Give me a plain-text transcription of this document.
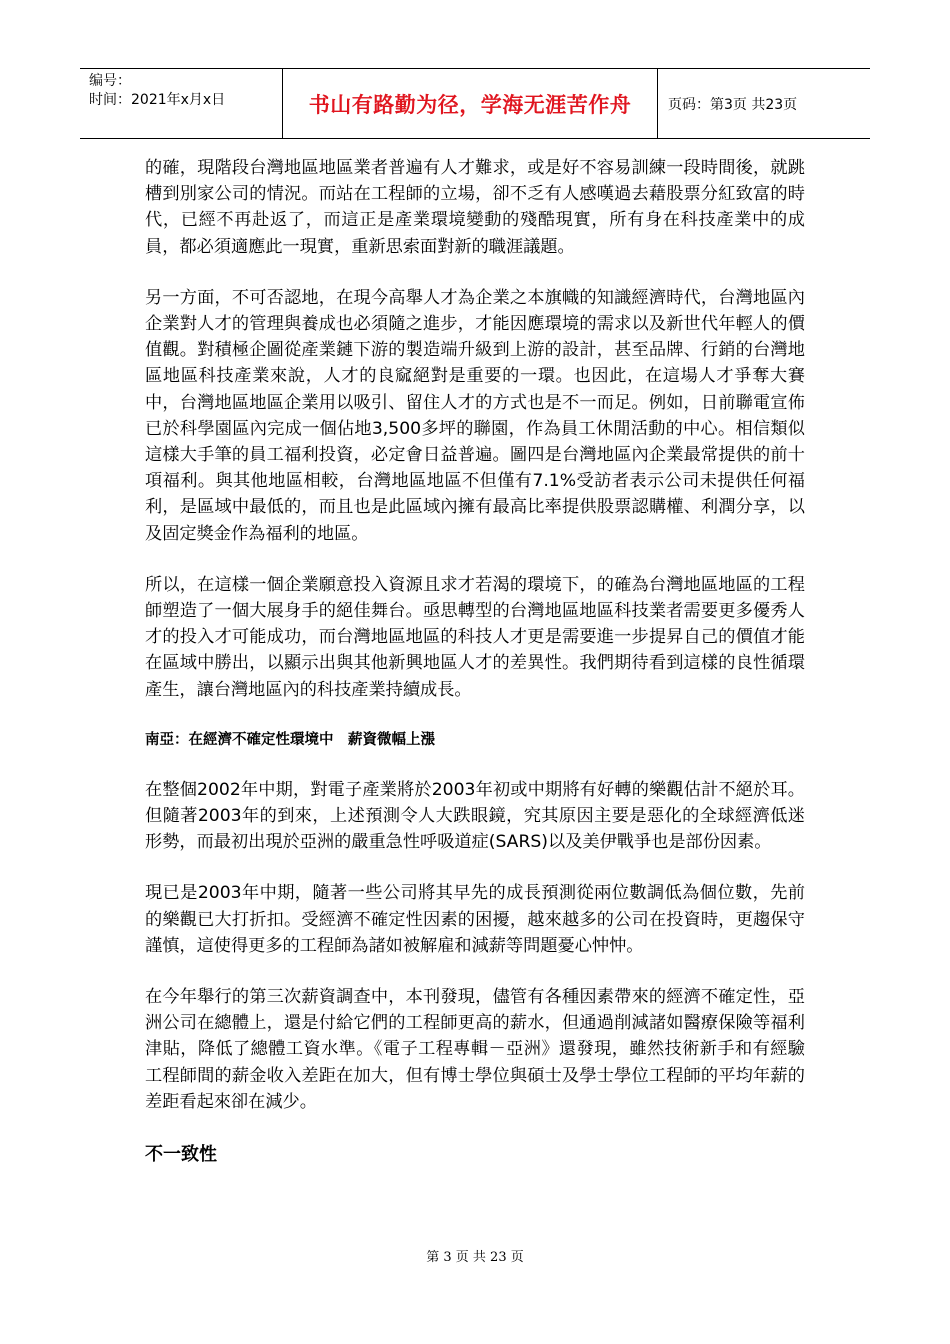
编号：
时间：2021年x月x日	书山有路勤为径，学海无涯苦作舟	页码：第3页 共23页

的確，現階段台灣地區地區業者普遍有人才難求，或是好不容易訓練一段時間後，就跳槽到別家公司的情況。而站在工程師的立場，卻不乏有人感嘆過去藉股票分紅致富的時代，已經不再赴返了，而這正是產業環境變動的殘酷現實，所有身在科技產業中的成員，都必須適應此一現實，重新思索面對新的職涯議題。

另一方面，不可否認地，在現今高舉人才為企業之本旗幟的知識經濟時代，台灣地區內企業對人才的管理與養成也必須隨之進步，才能因應環境的需求以及新世代年輕人的價值觀。對積極企圖從產業鏈下游的製造端升級到上游的設計，甚至品牌、行銷的台灣地區地區科技產業來說，人才的良窳絕對是重要的一環。也因此，在這場人才爭奪大賽中，台灣地區地區企業用以吸引、留住人才的方式也是不一而足。例如，日前聯電宣佈已於科學園區內完成一個佔地3,500多坪的聯園，作為員工休閒活動的中心。相信類似這樣大手筆的員工福利投資，必定會日益普遍。圖四是台灣地區內企業最常提供的前十項福利。與其他地區相較，台灣地區地區不但僅有7.1%受訪者表示公司未提供任何福利，是區域中最低的，而且也是此區域內擁有最高比率提供股票認購權、利潤分享，以及固定獎金作為福利的地區。

所以，在這樣一個企業願意投入資源且求才若渴的環境下，的確為台灣地區地區的工程師塑造了一個大展身手的絕佳舞台。亟思轉型的台灣地區地區科技業者需要更多優秀人才的投入才可能成功，而台灣地區地區的科技人才更是需要進一步提昇自己的價值才能在區域中勝出，以顯示出與其他新興地區人才的差異性。我們期待看到這樣的良性循環產生，讓台灣地區內的科技產業持續成長。

南亞：在經濟不確定性環境中　薪資微幅上漲

在整個2002年中期，對電子產業將於2003年初或中期將有好轉的樂觀估計不絕於耳。但隨著2003年的到來，上述預測令人大跌眼鏡，究其原因主要是惡化的全球經濟低迷形勢，而最初出現於亞洲的嚴重急性呼吸道症(SARS)以及美伊戰爭也是部份因素。

現已是2003年中期，隨著一些公司將其早先的成長預測從兩位數調低為個位數，先前的樂觀已大打折扣。受經濟不確定性因素的困擾，越來越多的公司在投資時，更趨保守謹慎，這使得更多的工程師為諸如被解雇和減薪等問題憂心忡忡。

在今年舉行的第三次薪資調查中，本刊發現，儘管有各種因素帶來的經濟不確定性，亞洲公司在總體上，還是付給它們的工程師更高的薪水，但通過削減諸如醫療保險等福利津貼，降低了總體工資水準。《電子工程專輯－亞洲》還發現，雖然技術新手和有經驗工程師間的薪金收入差距在加大，但有博士學位與碩士及學士學位工程師的平均年薪的差距看起來卻在減少。

不一致性
第 3 页 共 23 页
